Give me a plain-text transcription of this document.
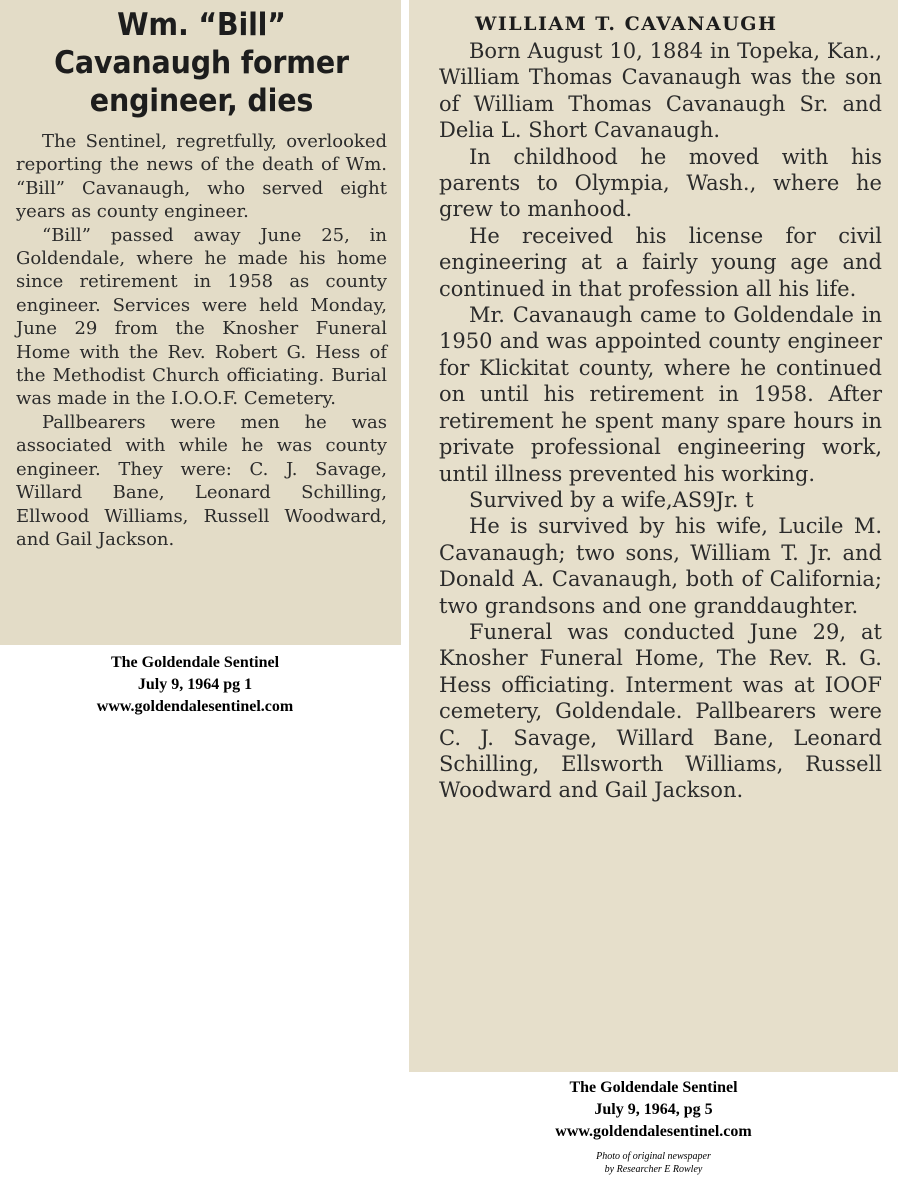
Wm. “Bill” Cavanaugh former engineer, dies

The Sentinel, regretfully, overlooked reporting the news of the death of Wm. “Bill” Cavanaugh, who served eight years as county engineer.

“Bill” passed away June 25, in Goldendale, where he made his home since retirement in 1958 as county engineer. Services were held Monday, June 29 from the Knosher Funeral Home with the Rev. Robert G. Hess of the Methodist Church officiating. Burial was made in the I.O.O.F. Cemetery.

Pallbearers were men he was associated with while he was county engineer. They were: C. J. Savage, Willard Bane, Leonard Schilling, Ellwood Williams, Russell Woodward, and Gail Jackson.

The Goldendale Sentinel
July 9, 1964 pg 1
www.goldendalesentinel.com
WILLIAM T. CAVANAUGH

Born August 10, 1884 in Topeka, Kan., William Thomas Cavanaugh was the son of William Thomas Cavanaugh Sr. and Delia L. Short Cavanaugh.

In childhood he moved with his parents to Olympia, Wash., where he grew to manhood.

He received his license for civil engineering at a fairly young age and continued in that profession all his life.

Mr. Cavanaugh came to Goldendale in 1950 and was appointed county engineer for Klickitat county, where he continued on until his retirement in 1958. After retirement he spent many spare hours in private professional engineering work, until illness prevented his working.

Survived by a wife,AS9Jr. t

He is survived by his wife, Lucile M. Cavanaugh; two sons, William T. Jr. and Donald A. Cavanaugh, both of California; two grandsons and one granddaughter.

Funeral was conducted June 29, at Knosher Funeral Home, The Rev. R. G. Hess officiating. Interment was at IOOF cemetery, Goldendale. Pallbearers were C. J. Savage, Willard Bane, Leonard Schilling, Ellsworth Williams, Russell Woodward and Gail Jackson.

The Goldendale Sentinel
July 9, 1964, pg 5
www.goldendalesentinel.com
Photo of original newspaper
by Researcher E Rowley
